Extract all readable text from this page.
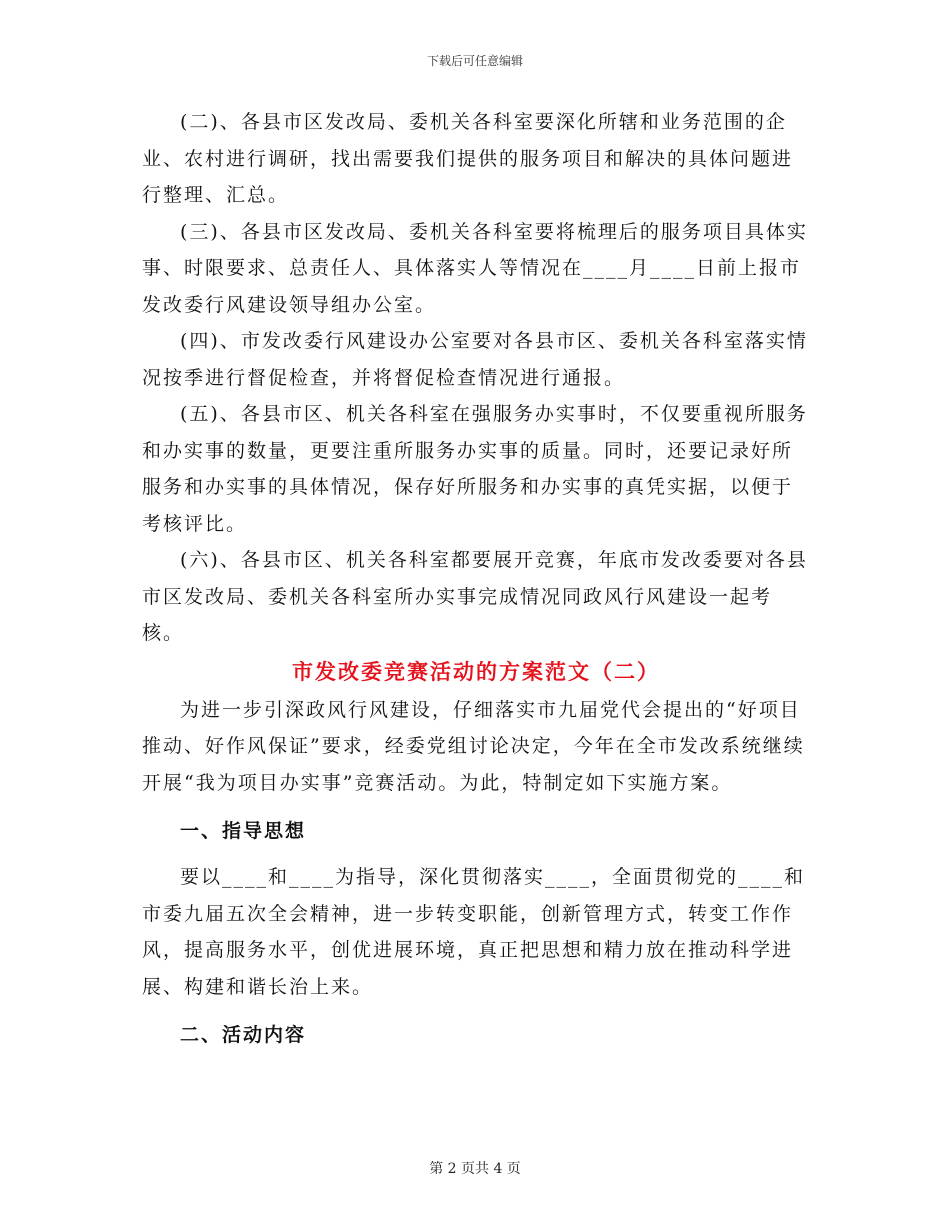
下载后可任意编辑

(二)、各县市区发改局、委机关各科室要深化所辖和业务范围的企业、农村进行调研，找出需要我们提供的服务项目和解决的具体问题进行整理、汇总。

(三)、各县市区发改局、委机关各科室要将梳理后的服务项目具体实事、时限要求、总责任人、具体落实人等情况在____月____日前上报市发改委行风建设领导组办公室。

(四)、市发改委行风建设办公室要对各县市区、委机关各科室落实情况按季进行督促检查，并将督促检查情况进行通报。

(五)、各县市区、机关各科室在强服务办实事时，不仅要重视所服务和办实事的数量，更要注重所服务办实事的质量。同时，还要记录好所服务和办实事的具体情况，保存好所服务和办实事的真凭实据，以便于考核评比。

(六)、各县市区、机关各科室都要展开竞赛，年底市发改委要对各县市区发改局、委机关各科室所办实事完成情况同政风行风建设一起考核。

市发改委竞赛活动的方案范文（二）

为进一步引深政风行风建设，仔细落实市九届党代会提出的“好项目推动、好作风保证”要求，经委党组讨论决定，今年在全市发改系统继续开展“我为项目办实事”竞赛活动。为此，特制定如下实施方案。

一、指导思想

要以____和____为指导，深化贯彻落实____，全面贯彻党的____和市委九届五次全会精神，进一步转变职能，创新管理方式，转变工作作风，提高服务水平，创优进展环境，真正把思想和精力放在推动科学进展、构建和谐长治上来。

二、活动内容
第 2 页共 4 页
